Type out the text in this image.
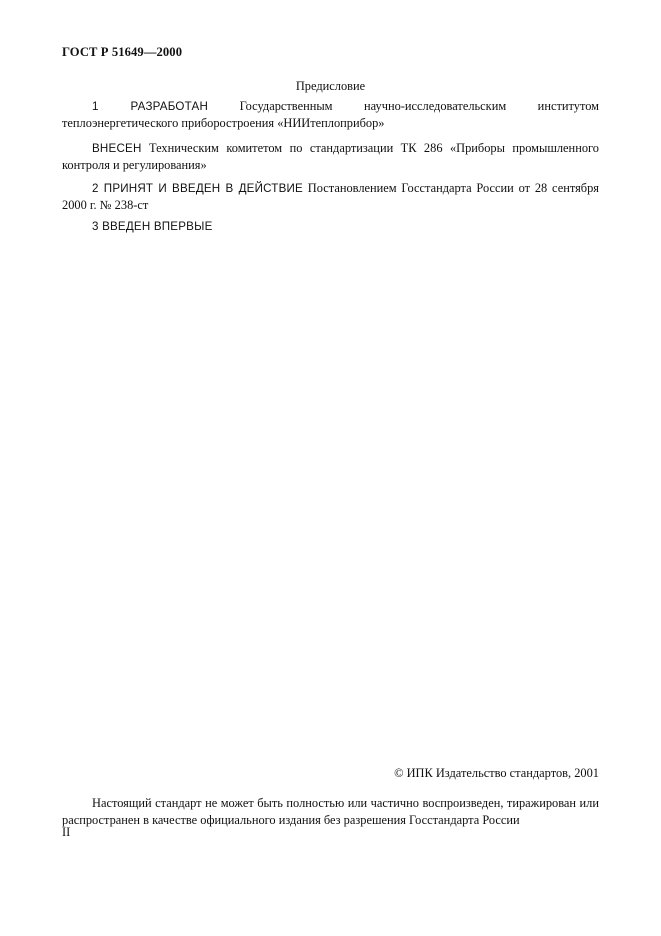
ГОСТ Р 51649—2000
Предисловие

1 РАЗРАБОТАН Государственным научно-исследовательским институтом теплоэнергетического приборостроения «НИИтеплоприбор»

ВНЕСЕН Техническим комитетом по стандартизации ТК 286 «Приборы промышленного контроля и регулирования»

2 ПРИНЯТ И ВВЕДЕН В ДЕЙСТВИЕ Постановлением Госстандарта России от 28 сентября 2000 г. № 238-ст

3 ВВЕДЕН ВПЕРВЫЕ

© ИПК Издательство стандартов, 2001

Настоящий стандарт не может быть полностью или частично воспроизведен, тиражирован или распространен в качестве официального издания без разрешения Госстандарта России

II
